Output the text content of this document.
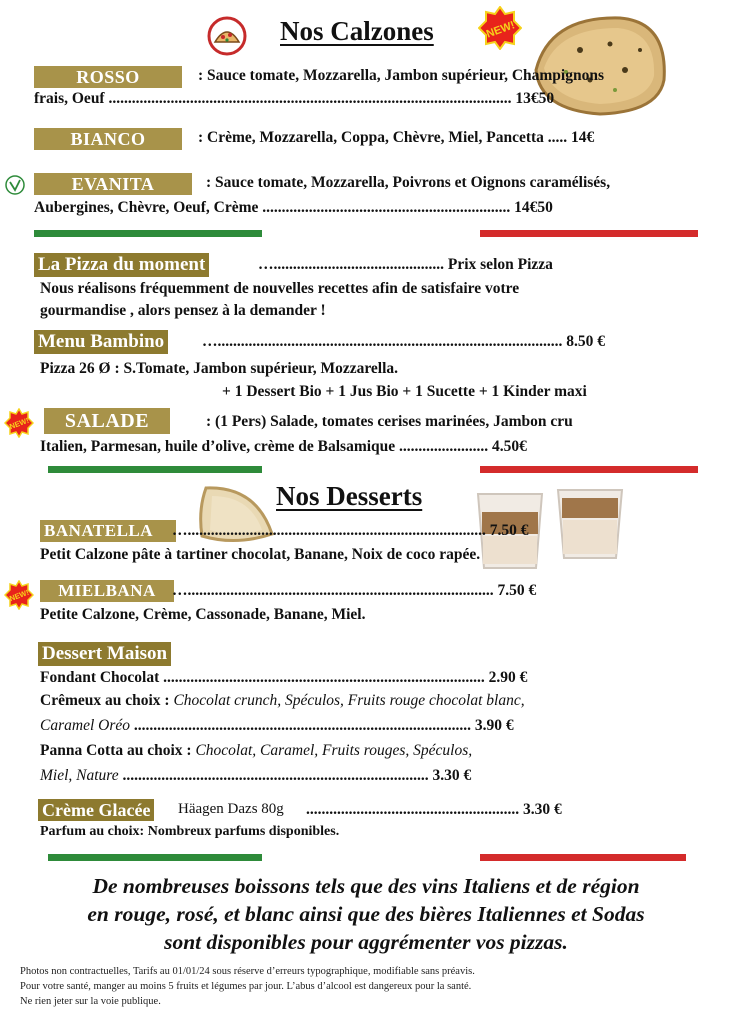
Nos Calzones	NEW!
ROSSO	: Sauce tomate, Mozzarella, Jambon supérieur, Champignons
frais, Oeuf ........................................................................................................ 13€50
BIANCO	: Crème, Mozzarella, Coppa, Chèvre, Miel, Pancetta ..... 14€
EVANITA	: Sauce tomate, Mozzarella, Poivrons et Oignons caramélisés,
Aubergines, Chèvre, Oeuf, Crème ................................................................ 14€50
La Pizza du moment	…............................................ Prix selon Pizza
Nous réalisons fréquemment de nouvelles recettes afin de satisfaire votre
gourmandise , alors pensez à la demander !
Menu Bambino …......................................................................................... 8.50 €
Pizza 26 Ø : S.Tomate, Jambon supérieur, Mozzarella.
+ 1 Dessert Bio + 1 Jus Bio + 1 Sucette + 1 Kinder maxi
NEW!	SALADE	: (1 Pers) Salade, tomates cerises marinées, Jambon cru
Italien, Parmesan, huile d’olive, crème de Balsamique ....................... 4.50€
Nos Desserts
BANATELLA	…............................................................................. 7.50 €
Petit Calzone pâte à tartiner chocolat, Banane, Noix de coco rapée.
NEW!	MIELBANA	…............................................................................... 7.50 €
Petite Calzone, Crème, Cassonade, Banane, Miel.
Dessert Maison
Fondant Chocolat ................................................................................... 2.90 €
Crêmeux au choix : Chocolat crunch, Spéculos, Fruits rouge chocolat blanc,
Caramel Oréo ....................................................................................... 3.90 €
Panna Cotta au choix : Chocolat, Caramel, Fruits rouges, Spéculos,
Miel, Nature ............................................................................... 3.30 €
Crème Glacée Häagen Dazs 80g ....................................................... 3.30 €
Parfum au choix: Nombreux parfums disponibles.
De nombreuses boissons tels que des vins Italiens et de région
en rouge, rosé, et blanc ainsi que des bières Italiennes et Sodas
sont disponibles pour aggrémenter vos pizzas.
Photos non contractuelles, Tarifs au 01/01/24 sous réserve d’erreurs typographique, modifiable sans préavis.
Pour votre santé, manger au moins 5 fruits et légumes par jour. L’abus d’alcool est dangereux pour la santé.
Ne rien jeter sur la voie publique.
